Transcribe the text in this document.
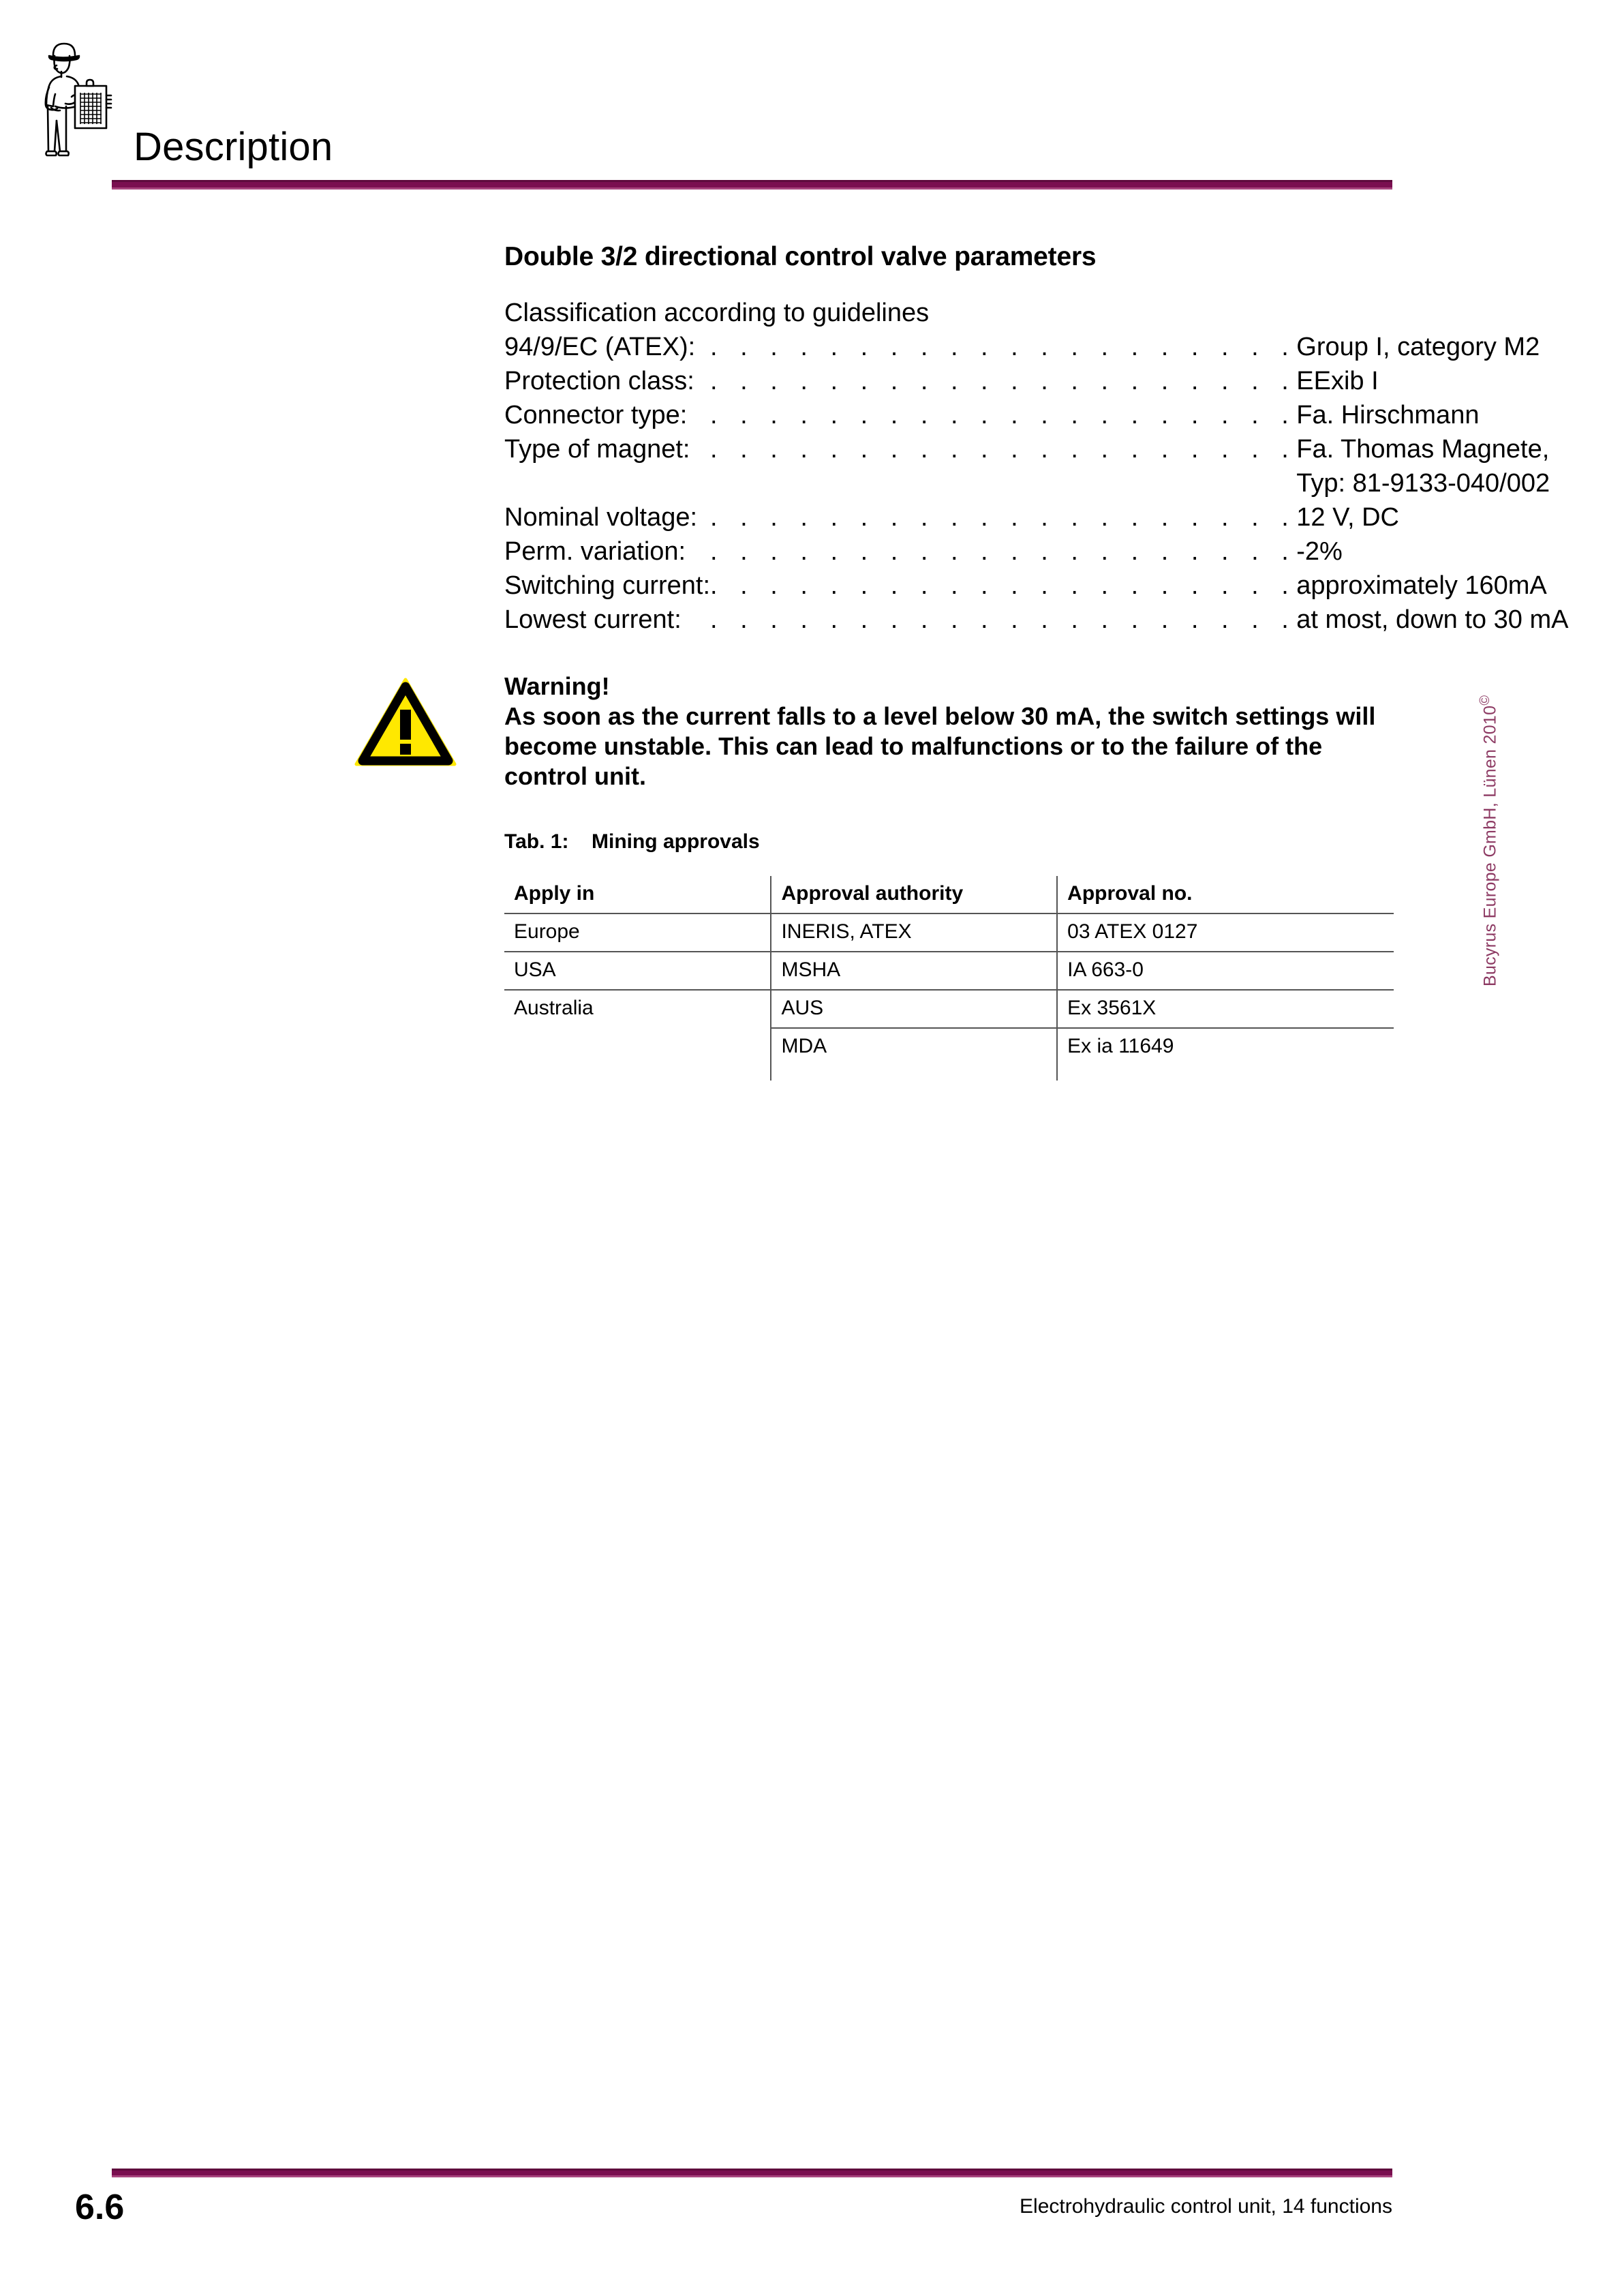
Description
Double 3/2 directional control valve parameters
Classification according to guidelines
94/9/EC (ATEX):	. . . . . . . . . . . . . . . . . . . .	Group I, category M2
Protection class:	. . . . . . . . . . . . . . . . . . . .	EExib I
Connector type:	. . . . . . . . . . . . . . . . . . . .	Fa. Hirschmann
Type of magnet:	. . . . . . . . . . . . . . . . . . . .	Fa. Thomas Magnete,
Typ: 81-9133-040/002

Nominal voltage:	. . . . . . . . . . . . . . . . . . . .	12 V, DC
Perm. variation:	. . . . . . . . . . . . . . . . . . . .	-2%
Switching current:	. . . . . . . . . . . . . . . . . . . .	approximately 160mA
Lowest current:	. . . . . . . . . . . . . . . . . . . .	at most, down to 30 mA
Warning!
As soon as the current falls to a level below 30 mA, the switch settings will become unstable. This can lead to malfunctions or to the failure of the control unit.
Tab. 1: Mining approvals
Apply in	Approval authority	Approval no.
Europe	INERIS, ATEX	03 ATEX 0127
USA	MSHA	IA 663-0
Australia	AUS	Ex 3561X
	MDA	Ex ia 11649

Bucyrus Europe GmbH, Lünen 2010©
6.6	Electrohydraulic control unit, 14 functions
